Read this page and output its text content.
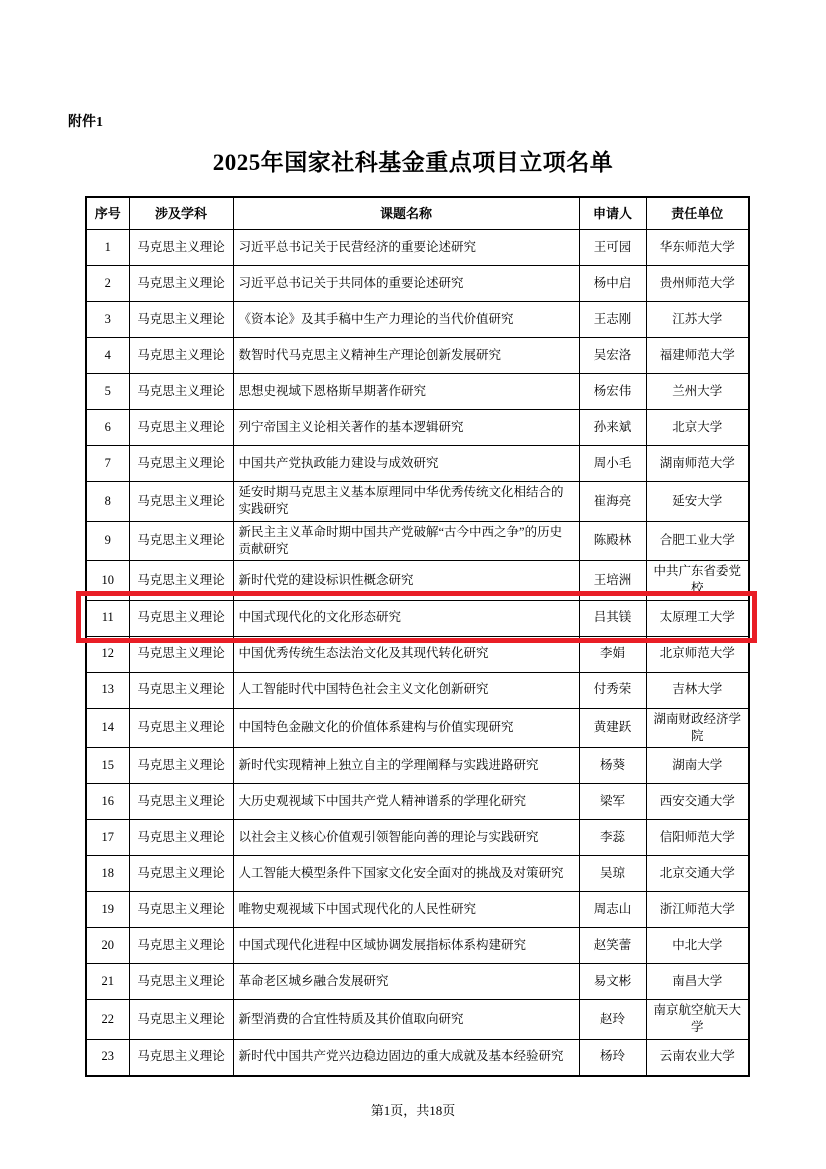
附件1
2025年国家社科基金重点项目立项名单
序号	涉及学科	课题名称	申请人	责任单位
1	马克思主义理论	习近平总书记关于民营经济的重要论述研究	王可园	华东师范大学
2	马克思主义理论	习近平总书记关于共同体的重要论述研究	杨中启	贵州师范大学
3	马克思主义理论	《资本论》及其手稿中生产力理论的当代价值研究	王志刚	江苏大学
4	马克思主义理论	数智时代马克思主义精神生产理论创新发展研究	吴宏洛	福建师范大学
5	马克思主义理论	思想史视域下恩格斯早期著作研究	杨宏伟	兰州大学
6	马克思主义理论	列宁帝国主义论相关著作的基本逻辑研究	孙来斌	北京大学
7	马克思主义理论	中国共产党执政能力建设与成效研究	周小毛	湖南师范大学
8	马克思主义理论	延安时期马克思主义基本原理同中华优秀传统文化相结合的实践研究	崔海亮	延安大学
9	马克思主义理论	新民主主义革命时期中国共产党破解“古今中西之争”的历史贡献研究	陈殿林	合肥工业大学
10	马克思主义理论	新时代党的建设标识性概念研究	王培洲	中共广东省委党校
11	马克思主义理论	中国式现代化的文化形态研究	吕其镁	太原理工大学
12	马克思主义理论	中国优秀传统生态法治文化及其现代转化研究	李娟	北京师范大学
13	马克思主义理论	人工智能时代中国特色社会主义文化创新研究	付秀荣	吉林大学
14	马克思主义理论	中国特色金融文化的价值体系建构与价值实现研究	黄建跃	湖南财政经济学院
15	马克思主义理论	新时代实现精神上独立自主的学理阐释与实践进路研究	杨葵	湖南大学
16	马克思主义理论	大历史观视域下中国共产党人精神谱系的学理化研究	梁军	西安交通大学
17	马克思主义理论	以社会主义核心价值观引领智能向善的理论与实践研究	李蕊	信阳师范大学
18	马克思主义理论	人工智能大模型条件下国家文化安全面对的挑战及对策研究	吴琼	北京交通大学
19	马克思主义理论	唯物史观视域下中国式现代化的人民性研究	周志山	浙江师范大学
20	马克思主义理论	中国式现代化进程中区域协调发展指标体系构建研究	赵笑蕾	中北大学
21	马克思主义理论	革命老区城乡融合发展研究	易文彬	南昌大学
22	马克思主义理论	新型消费的合宜性特质及其价值取向研究	赵玲	南京航空航天大学
23	马克思主义理论	新时代中国共产党兴边稳边固边的重大成就及基本经验研究	杨玲	云南农业大学
第1页，共18页
